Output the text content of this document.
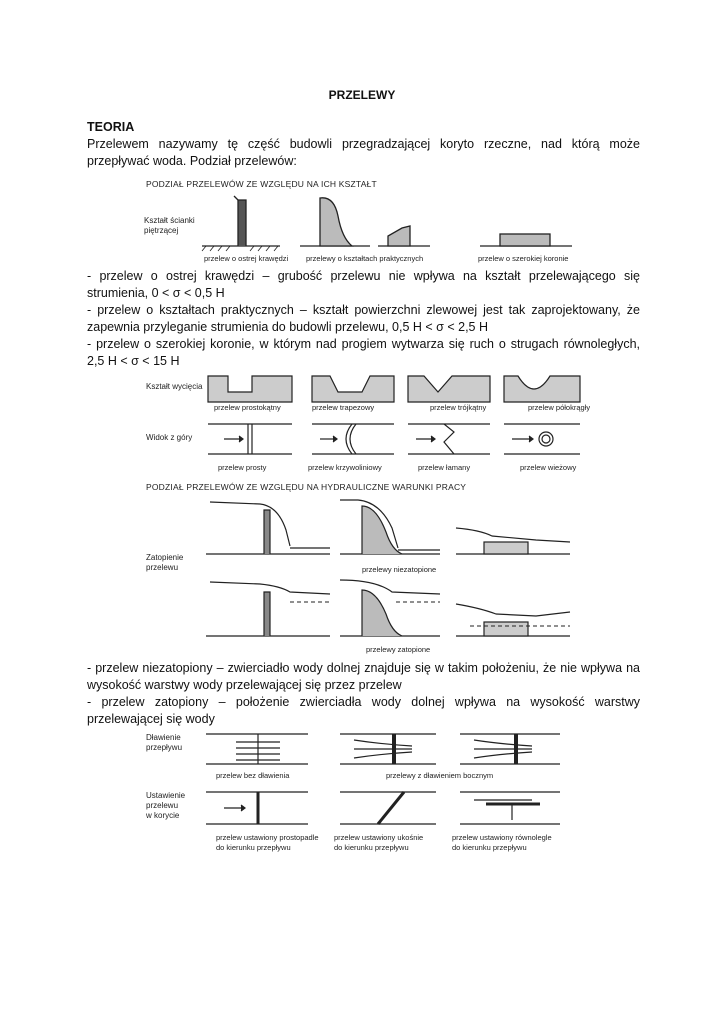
PRZELEWY
TEORIA

Przelewem nazywamy tę część budowli przegradzającej koryto rzeczne, nad którą może przepływać woda. Podział przelewów:

PODZIAŁ PRZELEWÓW ZE WZGLĘDU NA ICH KSZTAŁT
Kształt ścianki
piętrzącej
przelew o ostrej krawędzi przelewy o kształtach praktycznych	przelew o szerokiej koronie

- przelew o ostrej krawędzi – grubość przelewu nie wpływa na kształt przelewającego się strumienia, 0 < σ < 0,5 H

- przelew o kształtach praktycznych – kształt powierzchni zlewowej jest tak zaprojektowany, że zapewnia przyleganie strumienia do budowli przelewu, 0,5 H < σ < 2,5 H

- przelew o szerokiej koronie, w którym nad progiem wytwarza się ruch o strugach równoległych, 2,5 H < σ < 15 H

Kształt wycięcia
przelew prostokątny	przelew trapezowy	przelew trójkątny	przelew półokrągły
Widok z góry
przelew prosty	przelew krzywoliniowy	przelew łamany	przelew wieżowy
PODZIAŁ PRZELEWÓW ZE WZGLĘDU NA HYDRAULICZNE WARUNKI PRACY
Zatopienie
przelewu	przelewy niezatopione
przelewy zatopione

- przelew niezatopiony – zwierciadło wody dolnej znajduje się w takim położeniu, że nie wpływa na wysokość warstwy wody przelewającej się przez przelew

- przelew zatopiony – położenie zwierciadła wody dolnej wpływa na wysokość warstwy przelewającej się wody

Dławienie
przepływu
przelew bez dławienia	przelewy z dławieniem bocznym
Ustawienie
przelewu
w korycie
przelew ustawiony prostopadle
do kierunku przepływu
przelew ustawiony ukośnie
do kierunku przepływu
przelew ustawiony równolegle
do kierunku przepływu
